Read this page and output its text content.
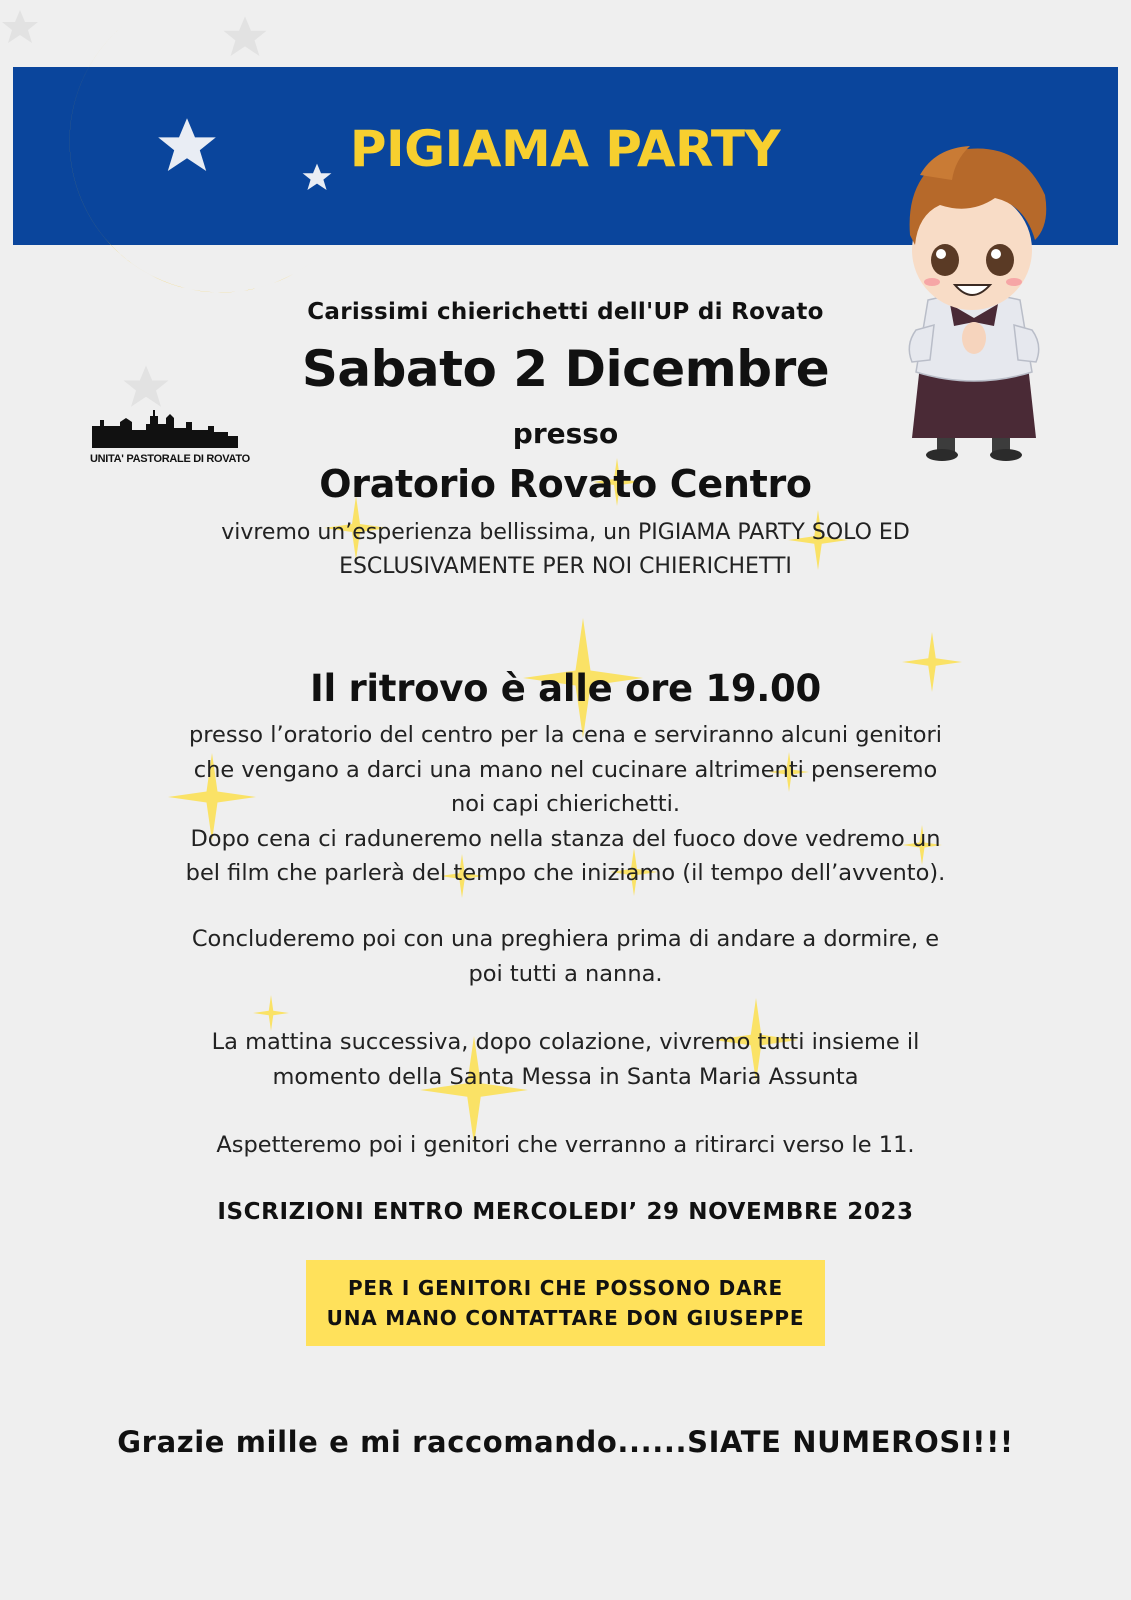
PIGIAMA PARTY
UNITA' PASTORALE DI ROVATO
Carissimi chierichetti dell'UP di Rovato
Sabato 2 Dicembre
presso
Oratorio Rovato Centro
vivremo un’esperienza bellissima, un PIGIAMA PARTY SOLO ED
ESCLUSIVAMENTE PER NOI CHIERICHETTI
Il ritrovo è alle ore 19.00
presso l’oratorio del centro per la cena e serviranno alcuni genitori
che vengano a darci una mano nel cucinare altrimenti penseremo
noi capi chierichetti.
Dopo cena ci raduneremo nella stanza del fuoco dove vedremo un
bel film che parlerà del tempo che iniziamo (il tempo dell’avvento).
Concluderemo poi con una preghiera prima di andare a dormire, e
poi tutti a nanna.
La mattina successiva, dopo colazione, vivremo tutti insieme il
momento della Santa Messa in Santa Maria Assunta
Aspetteremo poi i genitori che verranno a ritirarci verso le 11.
ISCRIZIONI ENTRO MERCOLEDI’ 29 NOVEMBRE 2023
PER I GENITORI CHE POSSONO DARE
UNA MANO CONTATTARE DON GIUSEPPE
Grazie mille e mi raccomando......SIATE NUMEROSI!!!
